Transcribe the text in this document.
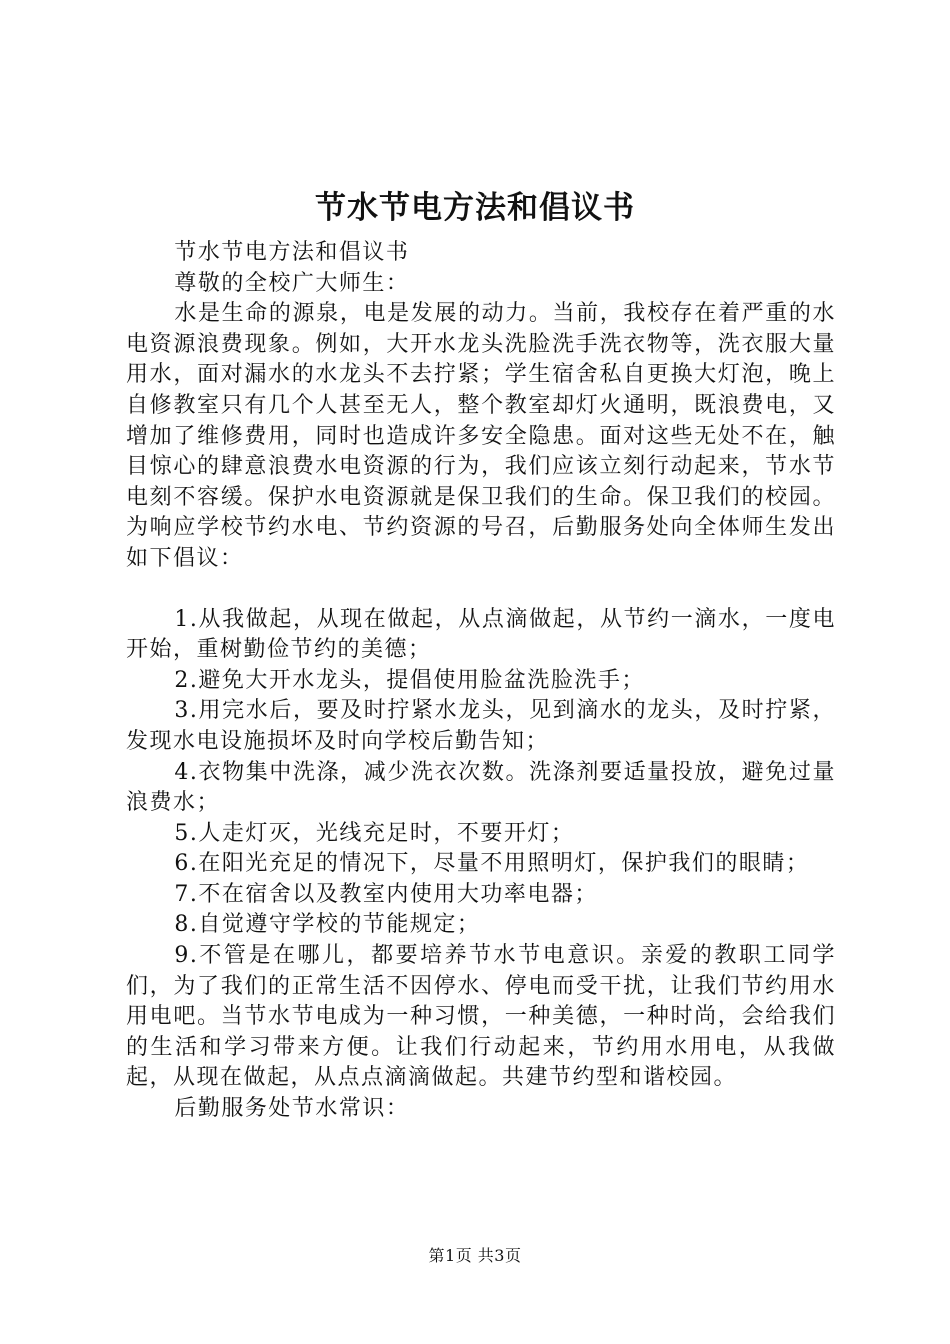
节水节电方法和倡议书

节水节电方法和倡议书

尊敬的全校广大师生：

水是生命的源泉，电是发展的动力。当前，我校存在着严重的水电资源浪费现象。例如，大开水龙头洗脸洗手洗衣物等，洗衣服大量用水，面对漏水的水龙头不去拧紧；学生宿舍私自更换大灯泡，晚上自修教室只有几个人甚至无人，整个教室却灯火通明，既浪费电，又增加了维修费用，同时也造成许多安全隐患。面对这些无处不在，触目惊心的肆意浪费水电资源的行为，我们应该立刻行动起来，节水节电刻不容缓。保护水电资源就是保卫我们的生命。保卫我们的校园。为响应学校节约水电、节约资源的号召，后勤服务处向全体师生发出如下倡议：

1.从我做起，从现在做起，从点滴做起，从节约一滴水，一度电开始，重树勤俭节约的美德；

2.避免大开水龙头，提倡使用脸盆洗脸洗手；

3.用完水后，要及时拧紧水龙头，见到滴水的龙头，及时拧紧，发现水电设施损坏及时向学校后勤告知；

4.衣物集中洗涤，减少洗衣次数。洗涤剂要适量投放，避免过量浪费水；

5.人走灯灭，光线充足时，不要开灯；

6.在阳光充足的情况下，尽量不用照明灯，保护我们的眼睛；

7.不在宿舍以及教室内使用大功率电器；

8.自觉遵守学校的节能规定；

9.不管是在哪儿，都要培养节水节电意识。亲爱的教职工同学们，为了我们的正常生活不因停水、停电而受干扰，让我们节约用水用电吧。当节水节电成为一种习惯，一种美德，一种时尚，会给我们的生活和学习带来方便。让我们行动起来，节约用水用电，从我做起，从现在做起，从点点滴滴做起。共建节约型和谐校园。

后勤服务处节水常识：

第1页 共3页
